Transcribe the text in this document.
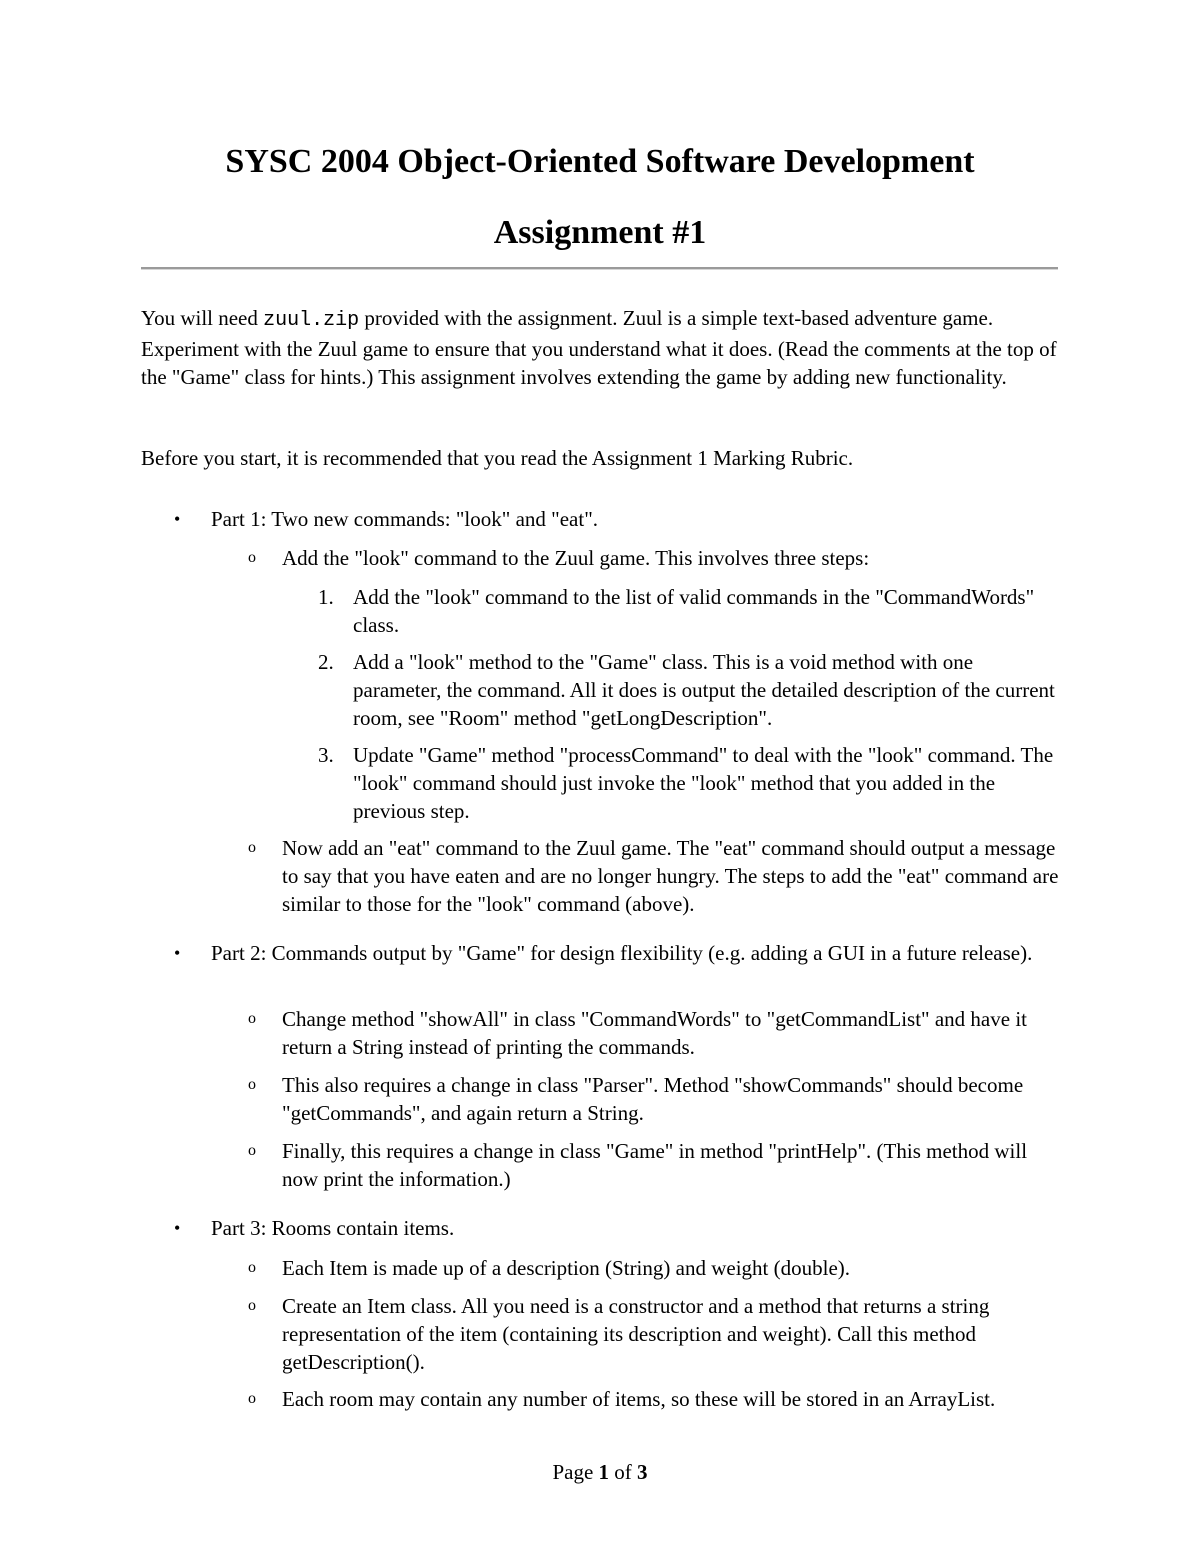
SYSC 2004 Object-Oriented Software Development
Assignment #1
You will need zuul.zip provided with the assignment. Zuul is a simple text-based adventure game. Experiment with the Zuul game to ensure that you understand what it does. (Read the comments at the top of the "Game" class for hints.) This assignment involves extending the game by adding new functionality.
Before you start, it is recommended that you read the Assignment 1 Marking Rubric.
• Part 1: Two new commands: "look" and "eat".
o Add the "look" command to the Zuul game. This involves three steps:
1. Add the "look" command to the list of valid commands in the "CommandWords" class.
2. Add a "look" method to the "Game" class. This is a void method with one parameter, the command. All it does is output the detailed description of the current room, see "Room" method "getLongDescription".
3. Update "Game" method "processCommand" to deal with the "look" command. The "look" command should just invoke the "look" method that you added in the previous step.
o Now add an "eat" command to the Zuul game. The "eat" command should output a message to say that you have eaten and are no longer hungry. The steps to add the "eat" command are similar to those for the "look" command (above).
• Part 2: Commands output by "Game" for design flexibility (e.g. adding a GUI in a future release).
o Change method "showAll" in class "CommandWords" to "getCommandList" and have it return a String instead of printing the commands.
o This also requires a change in class "Parser". Method "showCommands" should become "getCommands", and again return a String.
o Finally, this requires a change in class "Game" in method "printHelp". (This method will now print the information.)
• Part 3: Rooms contain items.
o Each Item is made up of a description (String) and weight (double).
o Create an Item class. All you need is a constructor and a method that returns a string representation of the item (containing its description and weight). Call this method getDescription().
o Each room may contain any number of items, so these will be stored in an ArrayList.
Page 1 of 3
